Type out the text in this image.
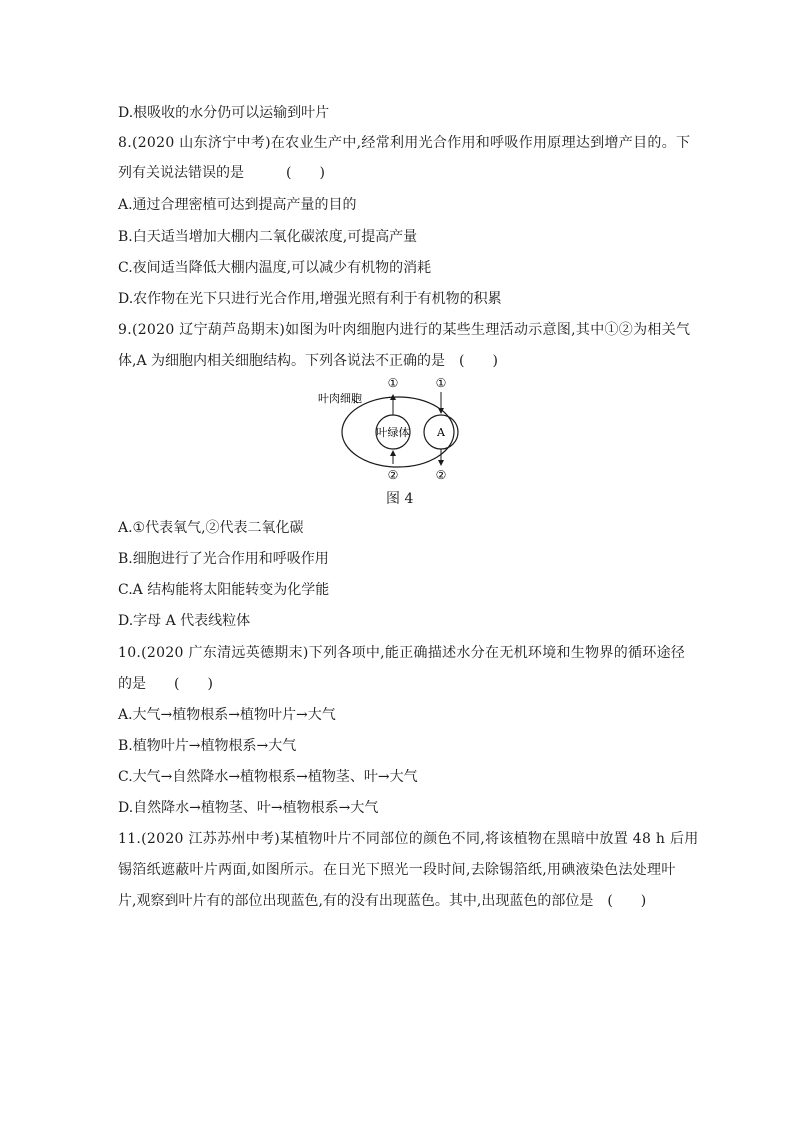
D.根吸收的水分仍可以运输到叶片
8.(2020 山东济宁中考)在农业生产中,经常利用光合作用和呼吸作用原理达到增产目的。下
列有关说法错误的是　　　(　　)
A.通过合理密植可达到提高产量的目的
B.白天适当增加大棚内二氧化碳浓度,可提高产量
C.夜间适当降低大棚内温度,可以减少有机物的消耗
D.农作物在光下只进行光合作用,增强光照有利于有机物的积累
9.(2020 辽宁葫芦岛期末)如图为叶肉细胞内进行的某些生理活动示意图,其中①②为相关气
体,A 为细胞内相关细胞结构。下列各说法不正确的是　(　　)
叶肉细胞
叶绿体	A
①
②
①
②
图 4
A.①代表氧气,②代表二氧化碳
B.细胞进行了光合作用和呼吸作用
C.A 结构能将太阳能转变为化学能
D.字母 A 代表线粒体
10.(2020 广东清远英德期末)下列各项中,能正确描述水分在无机环境和生物界的循环途径
的是　　(　　)
A.大气→植物根系→植物叶片→大气
B.植物叶片→植物根系→大气
C.大气→自然降水→植物根系→植物茎、叶→大气
D.自然降水→植物茎、叶→植物根系→大气
11.(2020 江苏苏州中考)某植物叶片不同部位的颜色不同,将该植物在黑暗中放置 48 h 后用
锡箔纸遮蔽叶片两面,如图所示。在日光下照光一段时间,去除锡箔纸,用碘液染色法处理叶
片,观察到叶片有的部位出现蓝色,有的没有出现蓝色。其中,出现蓝色的部位是　(　　)
